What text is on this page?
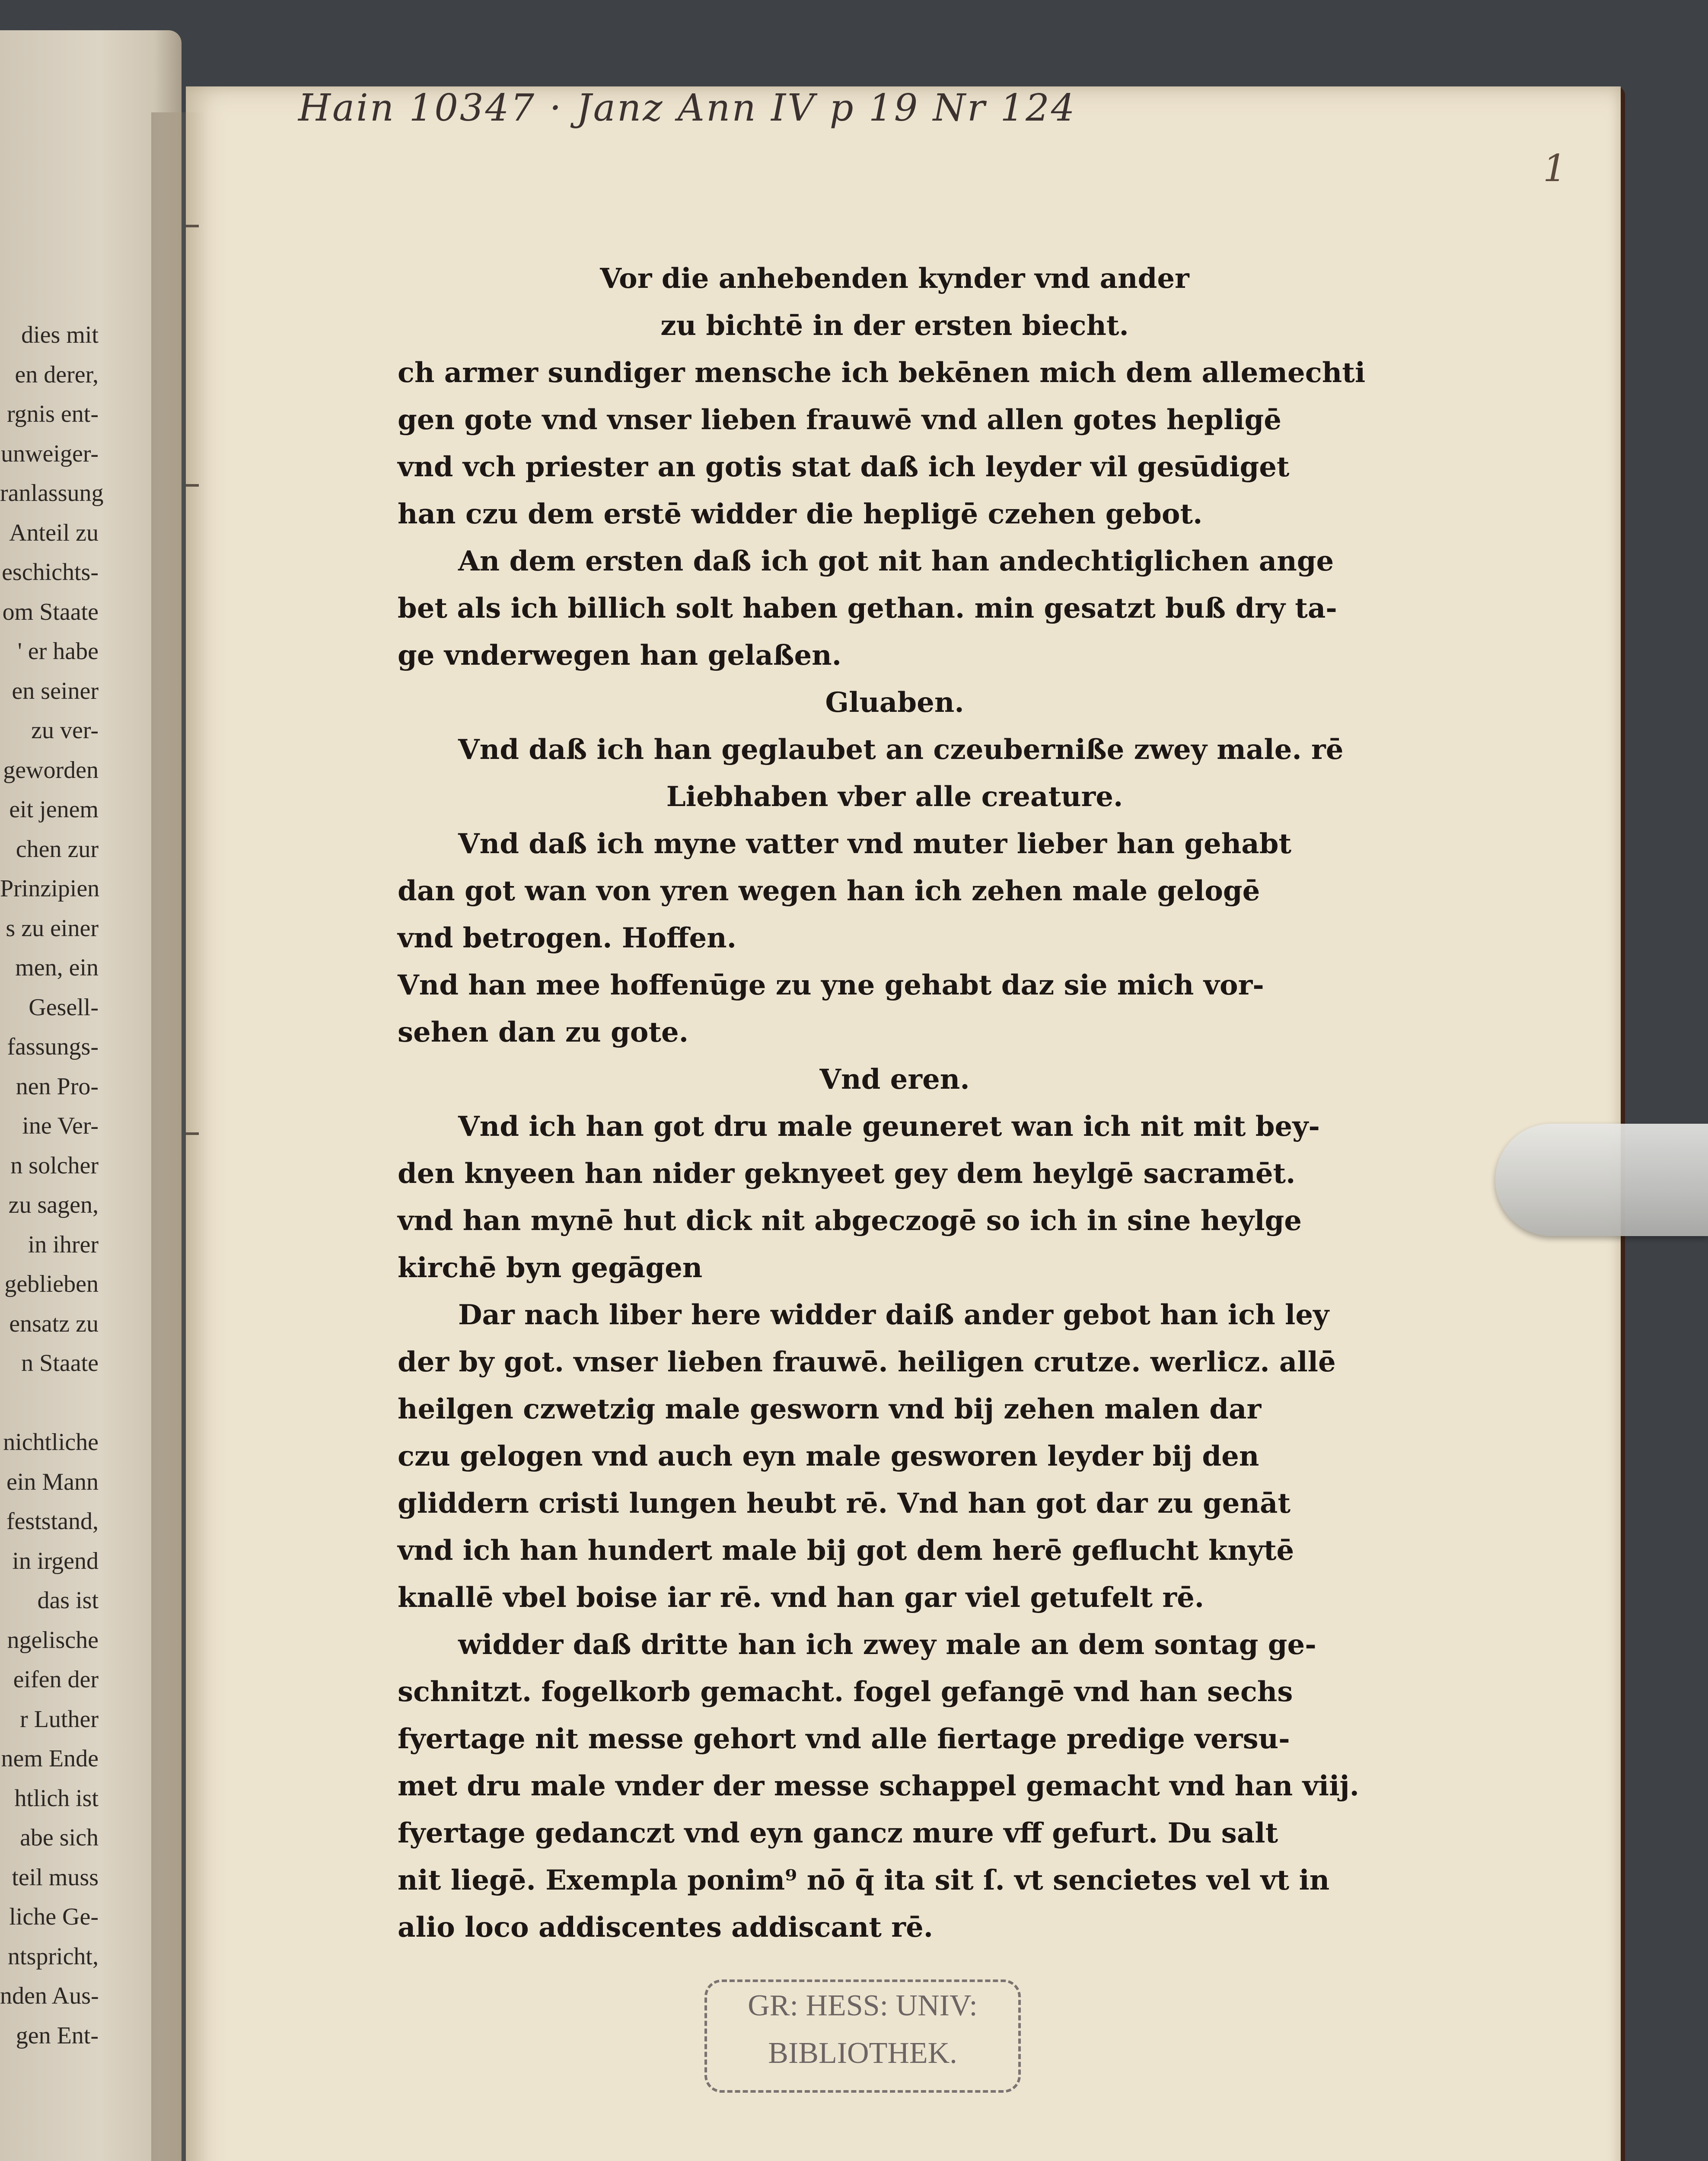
dies mit
en derer,
rgnis ent-
unweiger-
ranlassung
Anteil zu
eschichts-
om Staate
' er habe
en seiner
zu ver-
geworden
eit jenem
chen zur
Prinzipien
s zu einer
men, ein
Gesell-
fassungs-
nen Pro-
ine Ver-
n solcher
zu sagen,
in ihrer
geblieben
ensatz zu
n Staate

nichtliche
ein Mann
feststand,
in irgend
das ist
ngelische
eifen der
r Luther
nem Ende
htlich ist
abe sich
teil muss
liche Ge-
ntspricht,
nden Aus-
gen Ent-
Hain 10347 · Janz Ann IV p 19 Nr 124
1
Vor die anhebenden kynder vnd ander
zu bichtē in der ersten biecht.
ch armer sundiger mensche ich bekēnen mich dem allemechti
gen gote vnd vnser lieben frauwē vnd allen gotes hepligē
vnd vch priester an gotis stat daß ich leyder vil gesūdiget
han czu dem erstē widder die hepligē czehen gebot.
An dem ersten daß ich got nit han andechtiglichen ange
bet als ich billich solt haben gethan. min gesatzt buß dry ta-
ge vnderwegen han gelaßen.
Gluaben.
Vnd daß ich han geglaubet an czeuberniße zwey male. rē
Liebhaben vber alle creature.
Vnd daß ich myne vatter vnd muter lieber han gehabt
dan got wan von yren wegen han ich zehen male gelogē
vnd betrogen. Hoffen.
Vnd han mee hoffenūge zu yne gehabt daz sie mich vor-
sehen dan zu gote.
Vnd eren.
Vnd ich han got dru male geuneret wan ich nit mit bey-
den knyeen han nider geknyeet gey dem heylgē sacramēt.
vnd han mynē hut dick nit abgeczogē so ich in sine heylge
kirchē byn gegāgen
Dar nach liber here widder daiß ander gebot han ich ley
der by got. vnser lieben frauwē. heiligen crutze. werlicz. allē
heilgen czwetzig male gesworn vnd bij zehen malen dar
czu gelogen vnd auch eyn male gesworen leyder bij den
gliddern cristi lungen heubt rē. Vnd han got dar zu genāt
vnd ich han hundert male bij got dem herē geflucht knytē
knallē vbel boise iar rē. vnd han gar viel getufelt rē.
widder daß dritte han ich zwey male an dem sontag ge-
schnitzt. fogelkorb gemacht. fogel gefangē vnd han sechs
fyertage nit messe gehort vnd alle fiertage predige versu-
met dru male vnder der messe schappel gemacht vnd han viij.
fyertage gedanczt vnd eyn gancz mure vff gefurt. Du salt
nit liegē. Exempla ponim⁹ nō q̄ ita sit ſ. vt sencietes vel vt in
alio loco addiscentes addiscant rē.
GR: HESS: UNIV:
BIBLIOTHEK.
